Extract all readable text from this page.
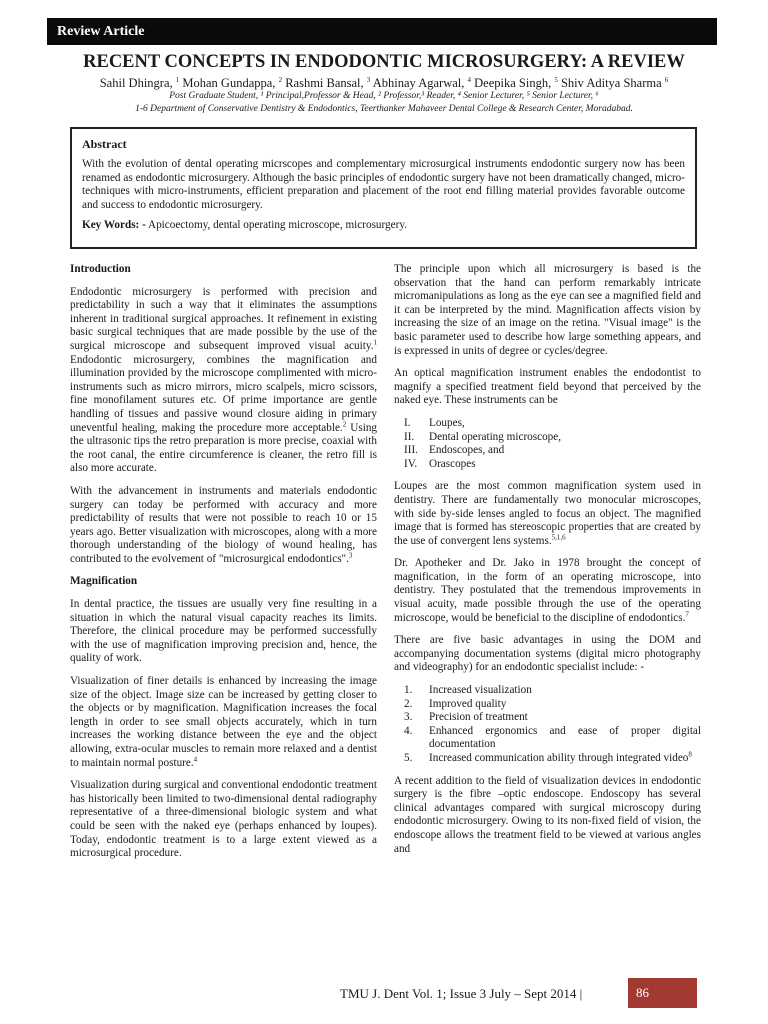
Review Article
RECENT CONCEPTS IN ENDODONTIC MICROSURGERY: A REVIEW
Sahil Dhingra, $^1$ Mohan Gundappa, $^2$ Rashmi Bansal, $^3$ Abhinay Agarwal, $^4$ Deepika Singh, $^5$ Shiv Aditya Sharma $^6$
Post Graduate Student, ¹ Principal,Professor & Head, ² Professor,³ Reader, ⁴ Senior Lecturer, ⁵ Senior Lecturer, ⁶
1-6 Department of Conservative Dentistry & Endodontics, Teerthanker Mahaveer Dental College & Research Center, Moradabad.
Abstract
With the evolution of dental operating micrscopes and complementary microsurgical instruments endodontic surgery now has been renamed as endodontic microsurgery. Although the basic principles of endodontic surgery have not been dramatically changed, micro-techniques with micro-instruments, efficient preparation and placement of the root end filling material provides favorable outcome and success to endodontic microsurgery.
Key Words: - Apicoectomy, dental operating microscope, microsurgery.
Introduction

Endodontic microsurgery is performed with precision and predictability in such a way that it eliminates the assumptions inherent in traditional surgical approaches. It refinement in existing basic surgical techniques that are made possible by the use of the surgical microscope and subsequent improved visual acuity.$^1$ Endodontic microsurgery, combines the magnification and illumination provided by the microscope complimented with micro-instruments such as micro mirrors, micro scalpels, micro scissors, fine monofilament sutures etc. Of prime importance are gentle handling of tissues and passive wound closure aiding in primary uneventful healing, making the procedure more acceptable.$^2$ Using the ultrasonic tips the retro preparation is more precise, coaxial with the root canal, the entire circumference is cleaner, the retro fill is also more accurate.

With the advancement in instruments and materials endodontic surgery can today be performed with accuracy and more predictability of results that were not possible to reach 10 or 15 years ago. Better visualization with microscopes, along with a more thorough understanding of the biology of wound healing, has contributed to the evolvement of "microsurgical endodontics".$^3$

Magnification

In dental practice, the tissues are usually very fine resulting in a situation in which the natural visual capacity reaches its limits. Therefore, the clinical procedure may be performed successfully with the use of magnification improving precision and, hence, the quality of work.

Visualization of finer details is enhanced by increasing the image size of the object. Image size can be increased by getting closer to the objects or by magnification. Magnification increases the focal length in order to see small objects accurately, which in turn increases the working distance between the eye and the object allowing, extra-ocular muscles to remain more relaxed and a dentist to maintain normal posture.$^4$

Visualization during surgical and conventional endodontic treatment has historically been limited to two-dimensional dental radiography representative of a three-dimensional biologic system and what could be seen with the naked eye (perhaps enhanced by loupes). Today, endodontic treatment is to a large extent viewed as a microsurgical procedure.

The principle upon which all microsurgery is based is the observation that the hand can perform remarkably intricate micromanipulations as long as the eye can see a magnified field and it can be interpreted by the mind. Magnification affects vision by increasing the size of an image on the retina. "Visual image" is the basic parameter used to describe how large something appears, and is expressed in units of degree or cycles/degree.

An optical magnification instrument enables the endodontist to magnify a specified treatment field beyond that perceived by the naked eye. These instruments can be

I.	Loupes,
II.	Dental operating microscope,
III. Endoscopes, and
IV.	Orascopes

Loupes are the most common magnification system used in dentistry. There are fundamentally two monocular microscopes, with side by-side lenses angled to focus an object. The magnified image that is formed has stereoscopic properties that are created by the use of convergent lens systems.$^{5,1,6}$

Dr. Apotheker and Dr. Jako in 1978 brought the concept of magnification, in the form of an operating microscope, into dentistry. They postulated that the tremendous improvements in visual acuity, made possible through the use of the operating microscope, would be beneficial to the discipline of endodontics.$^7$

There are five basic advantages in using the DOM and accompanying documentation systems (digital micro photography and videography) for an endodontic specialist include: -

1.	Increased visualization
2.	Improved quality
3.	Precision of treatment
4.	Enhanced ergonomics and ease of proper digital documentation
5.	Increased communication ability through integrated video$^8$

A recent addition to the field of visualization devices in endodontic surgery is the fibre –optic endoscope. Endoscopy has several clinical advantages compared with surgical microscopy during endodontic microsurgery. Owing to its non-fixed field of vision, the endoscope allows the treatment field to be viewed at various angles and

TMU J. Dent Vol. 1; Issue 3 July – Sept 2014 |	86
